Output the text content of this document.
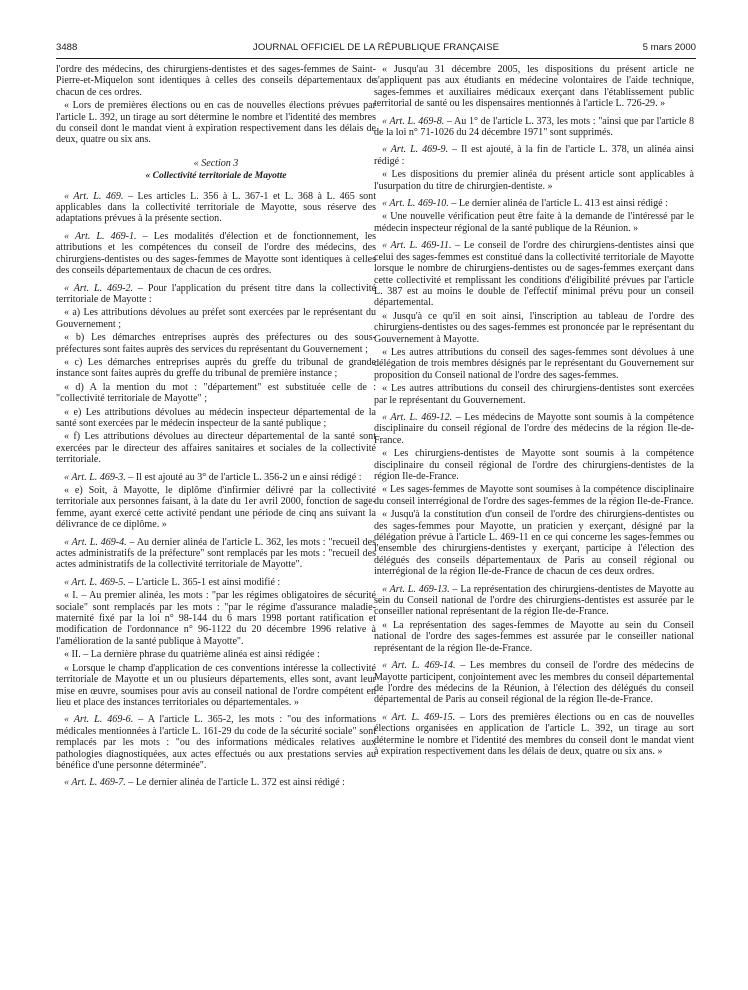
3488	JOURNAL OFFICIEL DE LA RÉPUBLIQUE FRANÇAISE	5 mars 2000

l'ordre des médecins, des chirurgiens-dentistes et des sages-femmes de Saint-Pierre-et-Miquelon sont identiques à celles des conseils départementaux de chacun de ces ordres.

« Lors de premières élections ou en cas de nouvelles élections prévues par l'article L. 392, un tirage au sort détermine le nombre et l'identité des membres du conseil dont le mandat vient à expiration respectivement dans les délais de deux, quatre ou six ans.

« Section 3

« Collectivité territoriale de Mayotte

« Art. L. 469. – Les articles L. 356 à L. 367-1 et L. 368 à L. 465 sont applicables dans la collectivité territoriale de Mayotte, sous réserve des adaptations prévues à la présente section.

« Art. L. 469-1. – Les modalités d'élection et de fonctionnement, les attributions et les compétences du conseil de l'ordre des médecins, des chirurgiens-dentistes ou des sages-femmes de Mayotte sont identiques à celles des conseils départementaux de chacun de ces ordres.

« Art. L. 469-2. – Pour l'application du présent titre dans la collectivité territoriale de Mayotte :

« a) Les attributions dévolues au préfet sont exercées par le représentant du Gouvernement ;

« b) Les démarches entreprises auprès des préfectures ou des sous-préfectures sont faites auprès des services du représentant du Gouvernement ;

« c) Les démarches entreprises auprès du greffe du tribunal de grande instance sont faites auprès du greffe du tribunal de première instance ;

« d) A la mention du mot : "département" est substituée celle de : "collectivité territoriale de Mayotte" ;

« e) Les attributions dévolues au médecin inspecteur départemental de la santé sont exercées par le médecin inspecteur de la santé publique ;

« f) Les attributions dévolues au directeur départemental de la santé sont exercées par le directeur des affaires sanitaires et sociales de la collectivité territoriale.

« Art. L. 469-3. – Il est ajouté au 3° de l'article L. 356-2 un e ainsi rédigé :

« e) Soit, à Mayotte, le diplôme d'infirmier délivré par la collectivité territoriale aux personnes faisant, à la date du 1er avril 2000, fonction de sage-femme, ayant exercé cette activité pendant une période de cinq ans suivant la délivrance de ce diplôme. »

« Art. L. 469-4. – Au dernier alinéa de l'article L. 362, les mots : "recueil des actes administratifs de la préfecture" sont remplacés par les mots : "recueil des actes administratifs de la collectivité territoriale de Mayotte".

« Art. L. 469-5. – L'article L. 365-1 est ainsi modifié :

« I. – Au premier alinéa, les mots : "par les régimes obligatoires de sécurité sociale" sont remplacés par les mots : "par le régime d'assurance maladie-maternité fixé par la loi n° 98-144 du 6 mars 1998 portant ratification et modification de l'ordonnance n° 96-1122 du 20 décembre 1996 relative à l'amélioration de la santé publique à Mayotte".

« II. – La dernière phrase du quatrième alinéa est ainsi rédigée :

« Lorsque le champ d'application de ces conventions intéresse la collectivité territoriale de Mayotte et un ou plusieurs départements, elles sont, avant leur mise en œuvre, soumises pour avis au conseil national de l'ordre compétent en lieu et place des instances territoriales ou départementales. »

« Art. L. 469-6. – A l'article L. 365-2, les mots : "ou des informations médicales mentionnées à l'article L. 161-29 du code de la sécurité sociale" sont remplacés par les mots : "ou des informations médicales relatives aux pathologies diagnostiquées, aux actes effectués ou aux prestations servies au bénéfice d'une personne déterminée".

« Art. L. 469-7. – Le dernier alinéa de l'article L. 372 est ainsi rédigé :

« Jusqu'au 31 décembre 2005, les dispositions du présent article ne s'appliquent pas aux étudiants en médecine volontaires de l'aide technique, sages-femmes et auxiliaires médicaux exerçant dans l'établissement public territorial de santé ou les dispensaires mentionnés à l'article L. 726-29. »

« Art. L. 469-8. – Au 1° de l'article L. 373, les mots : "ainsi que par l'article 8 de la loi n° 71-1026 du 24 décembre 1971" sont supprimés.

« Art. L. 469-9. – Il est ajouté, à la fin de l'article L. 378, un alinéa ainsi rédigé :

« Les dispositions du premier alinéa du présent article sont applicables à l'usurpation du titre de chirurgien-dentiste. »

« Art. L. 469-10. – Le dernier alinéa de l'article L. 413 est ainsi rédigé :

« Une nouvelle vérification peut être faite à la demande de l'intéressé par le médecin inspecteur régional de la santé publique de la Réunion. »

« Art. L. 469-11. – Le conseil de l'ordre des chirurgiens-dentistes ainsi que celui des sages-femmes est constitué dans la collectivité territoriale de Mayotte lorsque le nombre de chirurgiens-dentistes ou de sages-femmes exerçant dans cette collectivité et remplissant les conditions d'éligibilité prévues par l'article L. 387 est au moins le double de l'effectif minimal prévu pour un conseil départemental.

« Jusqu'à ce qu'il en soit ainsi, l'inscription au tableau de l'ordre des chirurgiens-dentistes ou des sages-femmes est prononcée par le représentant du Gouvernement à Mayotte.

« Les autres attributions du conseil des sages-femmes sont dévolues à une délégation de trois membres désignés par le représentant du Gouvernement sur proposition du Conseil national de l'ordre des sages-femmes.

« Les autres attributions du conseil des chirurgiens-dentistes sont exercées par le représentant du Gouvernement.

« Art. L. 469-12. – Les médecins de Mayotte sont soumis à la compétence disciplinaire du conseil régional de l'ordre des médecins de la région Ile-de-France.

« Les chirurgiens-dentistes de Mayotte sont soumis à la compétence disciplinaire du conseil régional de l'ordre des chirurgiens-dentistes de la région Ile-de-France.

« Les sages-femmes de Mayotte sont soumises à la compétence disciplinaire du conseil interrégional de l'ordre des sages-femmes de la région Ile-de-France.

« Jusqu'à la constitution d'un conseil de l'ordre des chirurgiens-dentistes ou des sages-femmes pour Mayotte, un praticien y exerçant, désigné par la délégation prévue à l'article L. 469-11 en ce qui concerne les sages-femmes ou l'ensemble des chirurgiens-dentistes y exerçant, participe à l'élection des délégués des conseils départementaux de Paris au conseil régional ou interrégional de la région Ile-de-France de chacun de ces deux ordres.

« Art. L. 469-13. – La représentation des chirurgiens-dentistes de Mayotte au sein du Conseil national de l'ordre des chirurgiens-dentistes est assurée par le conseiller national représentant de la région Ile-de-France.

« La représentation des sages-femmes de Mayotte au sein du Conseil national de l'ordre des sages-femmes est assurée par le conseiller national représentant de la région Ile-de-France.

« Art. L. 469-14. – Les membres du conseil de l'ordre des médecins de Mayotte participent, conjointement avec les membres du conseil départemental de l'ordre des médecins de la Réunion, à l'élection des délégués du conseil départemental de Paris au conseil régional de la région Ile-de-France.

« Art. L. 469-15. – Lors des premières élections ou en cas de nouvelles élections organisées en application de l'article L. 392, un tirage au sort détermine le nombre et l'identité des membres du conseil dont le mandat vient à expiration respectivement dans les délais de deux, quatre ou six ans. »
